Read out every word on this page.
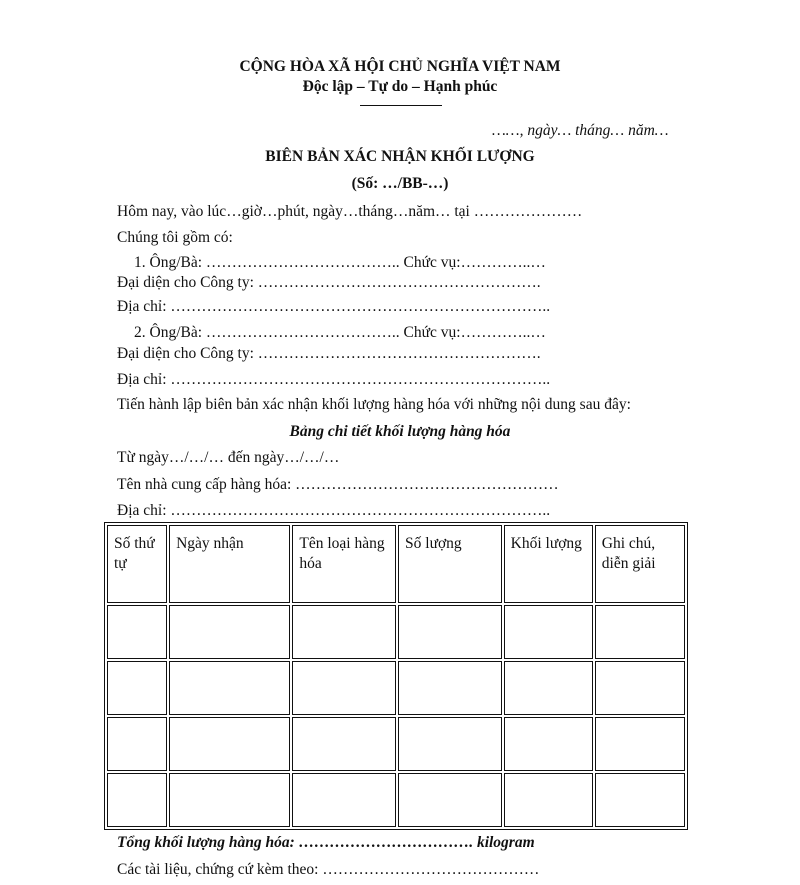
CỘNG HÒA XÃ HỘI CHỦ NGHĨA VIỆT NAM
Độc lập – Tự do – Hạnh phúc
……, ngày… tháng… năm…
BIÊN BẢN XÁC NHẬN KHỐI LƯỢNG
(Số: …/BB-…)
Hôm nay, vào lúc…giờ…phút, ngày…tháng…năm… tại …………………
Chúng tôi gồm có:
1. Ông/Bà: ……………………………….. Chức vụ:…………..…
Đại diện cho Công ty: ……………………………………………….
Địa chỉ: ………………………………………………………………..
2. Ông/Bà: ……………………………….. Chức vụ:…………..…
Đại diện cho Công ty: ……………………………………………….
Địa chỉ: ………………………………………………………………..
Tiến hành lập biên bản xác nhận khối lượng hàng hóa với những nội dung sau đây:
Bảng chi tiết khối lượng hàng hóa
Từ ngày…/…/… đến ngày…/…/…
Tên nhà cung cấp hàng hóa: ……………………………………………
Địa chỉ: ………………………………………………………………..
Số thứ tự	Ngày nhận	Tên loại hàng hóa	Số lượng	Khối lượng	Ghi chú, diễn giải

Tổng khối lượng hàng hóa: ……………………………. kilogram
Các tài liệu, chứng cứ kèm theo: ……………………………………
